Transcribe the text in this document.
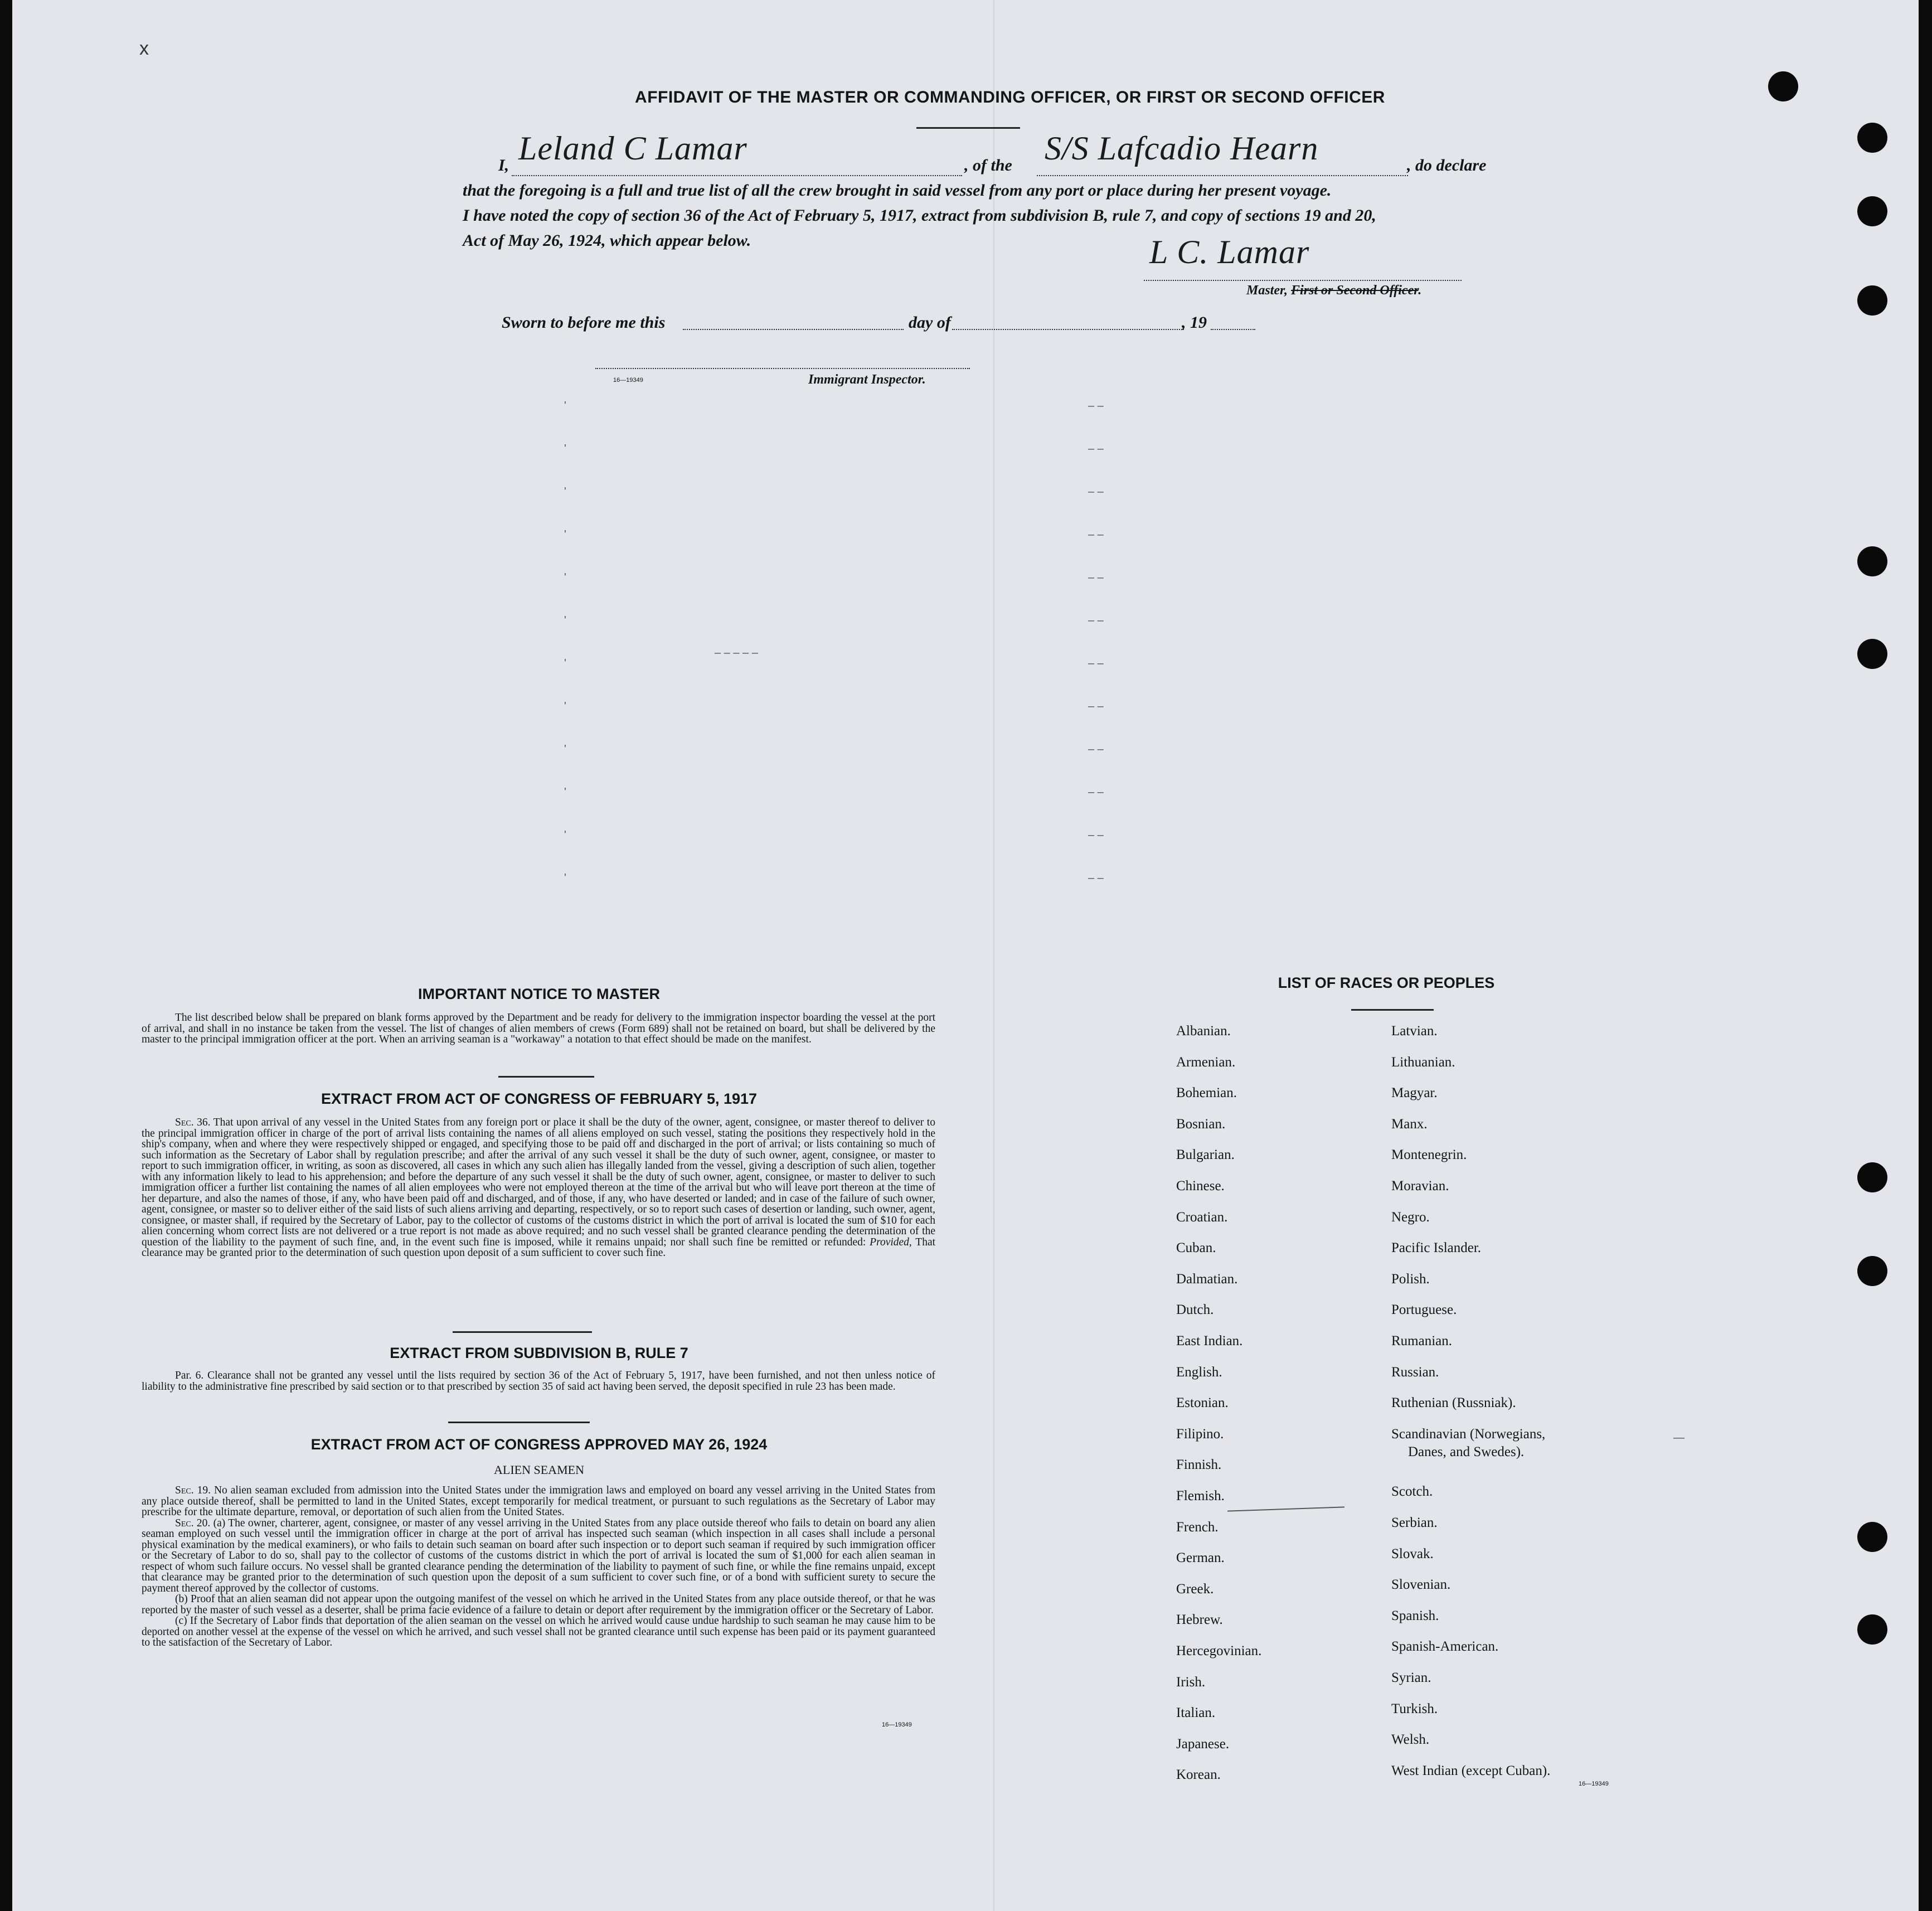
x
AFFIDAVIT OF THE MASTER OR COMMANDING OFFICER, OR FIRST OR SECOND OFFICER
I,	, of the	, do declare
Leland C Lamar	S/S Lafcadio Hearn
that the foregoing is a full and true list of all the crew brought in said vessel from any port or place during her present voyage.
I have noted the copy of section 36 of the Act of February 5, 1917, extract from subdivision B, rule 7, and copy of sections 19 and 20,
Act of May 26, 1924, which appear below.	L C. Lamar
Master, First or Second Officer.
Sworn to before me this	day of	, 19
16—19349	Immigrant Inspector.
'
'
'
'
'
'
'
'
'
'
'
'
– –
– –
– –
– –
– –
– –
– –
– –
– –
– –
– –
– –
– – – – –
IMPORTANT NOTICE TO MASTER
The list described below shall be prepared on blank forms approved by the Department and be ready for delivery to the immigration inspector boarding the vessel at the port of arrival, and shall in no instance be taken from the vessel. The list of changes of alien members of crews (Form 689) shall not be retained on board, but shall be delivered by the master to the principal immigration officer at the port. When an arriving seaman is a "workaway" a notation to that effect should be made on the manifest.
EXTRACT FROM ACT OF CONGRESS OF FEBRUARY 5, 1917
Sec. 36. That upon arrival of any vessel in the United States from any foreign port or place it shall be the duty of the owner, agent, consignee, or master thereof to deliver to the principal immigration officer in charge of the port of arrival lists containing the names of all aliens employed on such vessel, stating the positions they respectively hold in the ship's company, when and where they were respectively shipped or engaged, and specifying those to be paid off and discharged in the port of arrival; or lists containing so much of such information as the Secretary of Labor shall by regulation prescribe; and after the arrival of any such vessel it shall be the duty of such owner, agent, consignee, or master to report to such immigration officer, in writing, as soon as discovered, all cases in which any such alien has illegally landed from the vessel, giving a description of such alien, together with any information likely to lead to his apprehension; and before the departure of any such vessel it shall be the duty of such owner, agent, consignee, or master to deliver to such immigration officer a further list containing the names of all alien employees who were not employed thereon at the time of the arrival but who will leave port thereon at the time of her departure, and also the names of those, if any, who have been paid off and discharged, and of those, if any, who have deserted or landed; and in case of the failure of such owner, agent, consignee, or master so to deliver either of the said lists of such aliens arriving and departing, respectively, or so to report such cases of desertion or landing, such owner, agent, consignee, or master shall, if required by the Secretary of Labor, pay to the collector of customs of the customs district in which the port of arrival is located the sum of $10 for each alien concerning whom correct lists are not delivered or a true report is not made as above required; and no such vessel shall be granted clearance pending the determination of the question of the liability to the payment of such fine, and, in the event such fine is imposed, while it remains unpaid; nor shall such fine be remitted or refunded: Provided, That clearance may be granted prior to the determination of such question upon deposit of a sum sufficient to cover such fine.
EXTRACT FROM SUBDIVISION B, RULE 7
Par. 6. Clearance shall not be granted any vessel until the lists required by section 36 of the Act of February 5, 1917, have been furnished, and not then unless notice of liability to the administrative fine prescribed by said section or to that prescribed by section 35 of said act having been served, the deposit specified in rule 23 has been made.
EXTRACT FROM ACT OF CONGRESS APPROVED MAY 26, 1924
ALIEN SEAMEN
Sec. 19. No alien seaman excluded from admission into the United States under the immigration laws and employed on board any vessel arriving in the United States from any place outside thereof, shall be permitted to land in the United States, except temporarily for medical treatment, or pursuant to such regulations as the Secretary of Labor may prescribe for the ultimate departure, removal, or deportation of such alien from the United States.
Sec. 20. (a) The owner, charterer, agent, consignee, or master of any vessel arriving in the United States from any place outside thereof who fails to detain on board any alien seaman employed on such vessel until the immigration officer in charge at the port of arrival has inspected such seaman (which inspection in all cases shall include a personal physical examination by the medical examiners), or who fails to detain such seaman on board after such inspection or to deport such seaman if required by such immigration officer or the Secretary of Labor to do so, shall pay to the collector of customs of the customs district in which the port of arrival is located the sum of $1,000 for each alien seaman in respect of whom such failure occurs. No vessel shall be granted clearance pending the determination of the liability to payment of such fine, or while the fine remains unpaid, except that clearance may be granted prior to the determination of such question upon the deposit of a sum sufficient to cover such fine, or of a bond with sufficient surety to secure the payment thereof approved by the collector of customs.
(b) Proof that an alien seaman did not appear upon the outgoing manifest of the vessel on which he arrived in the United States from any place outside thereof, or that he was reported by the master of such vessel as a deserter, shall be prima facie evidence of a failure to detain or deport after requirement by the immigration officer or the Secretary of Labor.
(c) If the Secretary of Labor finds that deportation of the alien seaman on the vessel on which he arrived would cause undue hardship to such seaman he may cause him to be deported on another vessel at the expense of the vessel on which he arrived, and such vessel shall not be granted clearance until such expense has been paid or its payment guaranteed to the satisfaction of the Secretary of Labor.
16—19349
LIST OF RACES OR PEOPLES
16—19349
—
Albanian.
Armenian.
Bohemian.
Bosnian.
Bulgarian.
Chinese.
Croatian.
Cuban.
Dalmatian.
Dutch.
East Indian.
English.
Estonian.
Filipino.
Finnish.
Flemish.
French.
German.
Greek.
Hebrew.
Hercegovinian.
Irish.
Italian.
Japanese.
Korean.
Latvian.
Lithuanian.
Magyar.
Manx.
Montenegrin.
Moravian.
Negro.
Pacific Islander.
Polish.
Portuguese.
Rumanian.
Russian.
Ruthenian (Russniak).
Scandinavian (Norwegians,
Danes, and Swedes).
Scotch.
Serbian.
Slovak.
Slovenian.
Spanish.
Spanish-American.
Syrian.
Turkish.
Welsh.
West Indian (except Cuban).
